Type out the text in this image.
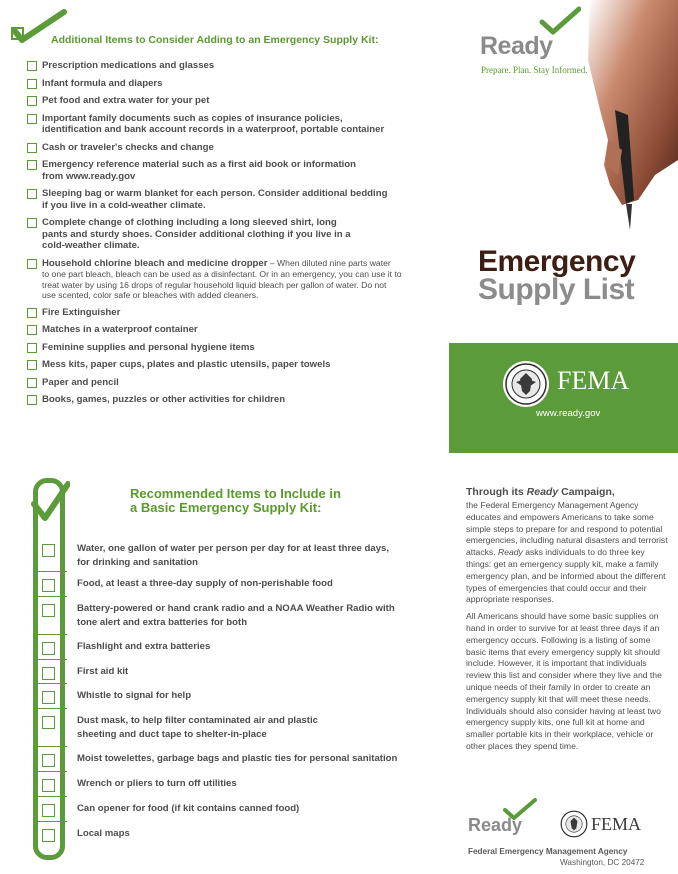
Additional Items to Consider Adding to an Emergency Supply Kit:
Prescription medications and glasses
Infant formula and diapers
Pet food and extra water for your pet
Important family documents such as copies of insurance policies,
identification and bank account records in a waterproof, portable container
Cash or traveler's checks and change
Emergency reference material such as a first aid book or information
from www.ready.gov
Sleeping bag or warm blanket for each person. Consider additional bedding
if you live in a cold-weather climate.
Complete change of clothing including a long sleeved shirt, long
pants and sturdy shoes. Consider additional clothing if you live in a
cold-weather climate.
Household chlorine bleach and medicine dropper – When diluted nine parts water
to one part bleach, bleach can be used as a disinfectant. Or in an emergency, you can use it to
treat water by using 16 drops of regular household liquid bleach per gallon of water. Do not
use scented, color safe or bleaches with added cleaners.
Fire Extinguisher
Matches in a waterproof container
Feminine supplies and personal hygiene items
Mess kits, paper cups, plates and plastic utensils, paper towels
Paper and pencil
Books, games, puzzles or other activities for children
Ready
Prepare. Plan. Stay Informed.
Emergency
Supply List
FEMA
www.ready.gov
Recommended Items to Include in
a Basic Emergency Supply Kit:
Through its Ready Campaign,

the Federal Emergency Management Agency educates and empowers Americans to take some simple steps to prepare for and respond to potential emergencies, including natural disasters and terrorist attacks. Ready asks individuals to do three key things: get an emergency supply kit, make a family emergency plan, and be informed about the different types of emergencies that could occur and their appropriate responses.

All Americans should have some basic supplies on hand in order to survive for at least three days if an emergency occurs. Following is a listing of some basic items that every emergency supply kit should include. However, it is important that individuals review this list and consider where they live and the unique needs of their family in order to create an emergency supply kit that will meet these needs. Individuals should also consider having at least two emergency supply kits, one full kit at home and smaller portable kits in their workplace, vehicle or other places they spend time.

Ready	FEMA
Federal Emergency Management Agency
Washington, DC 20472
Water, one gallon of water per person per day for at least three days,
for drinking and sanitation
Food, at least a three-day supply of non-perishable food
Battery-powered or hand crank radio and a NOAA Weather Radio with
tone alert and extra batteries for both
Flashlight and extra batteries
First aid kit
Whistle to signal for help
Dust mask, to help filter contaminated air and plastic
sheeting and duct tape to shelter-in-place
Moist towelettes, garbage bags and plastic ties for personal sanitation
Wrench or pliers to turn off utilities
Can opener for food (if kit contains canned food)
Local maps
